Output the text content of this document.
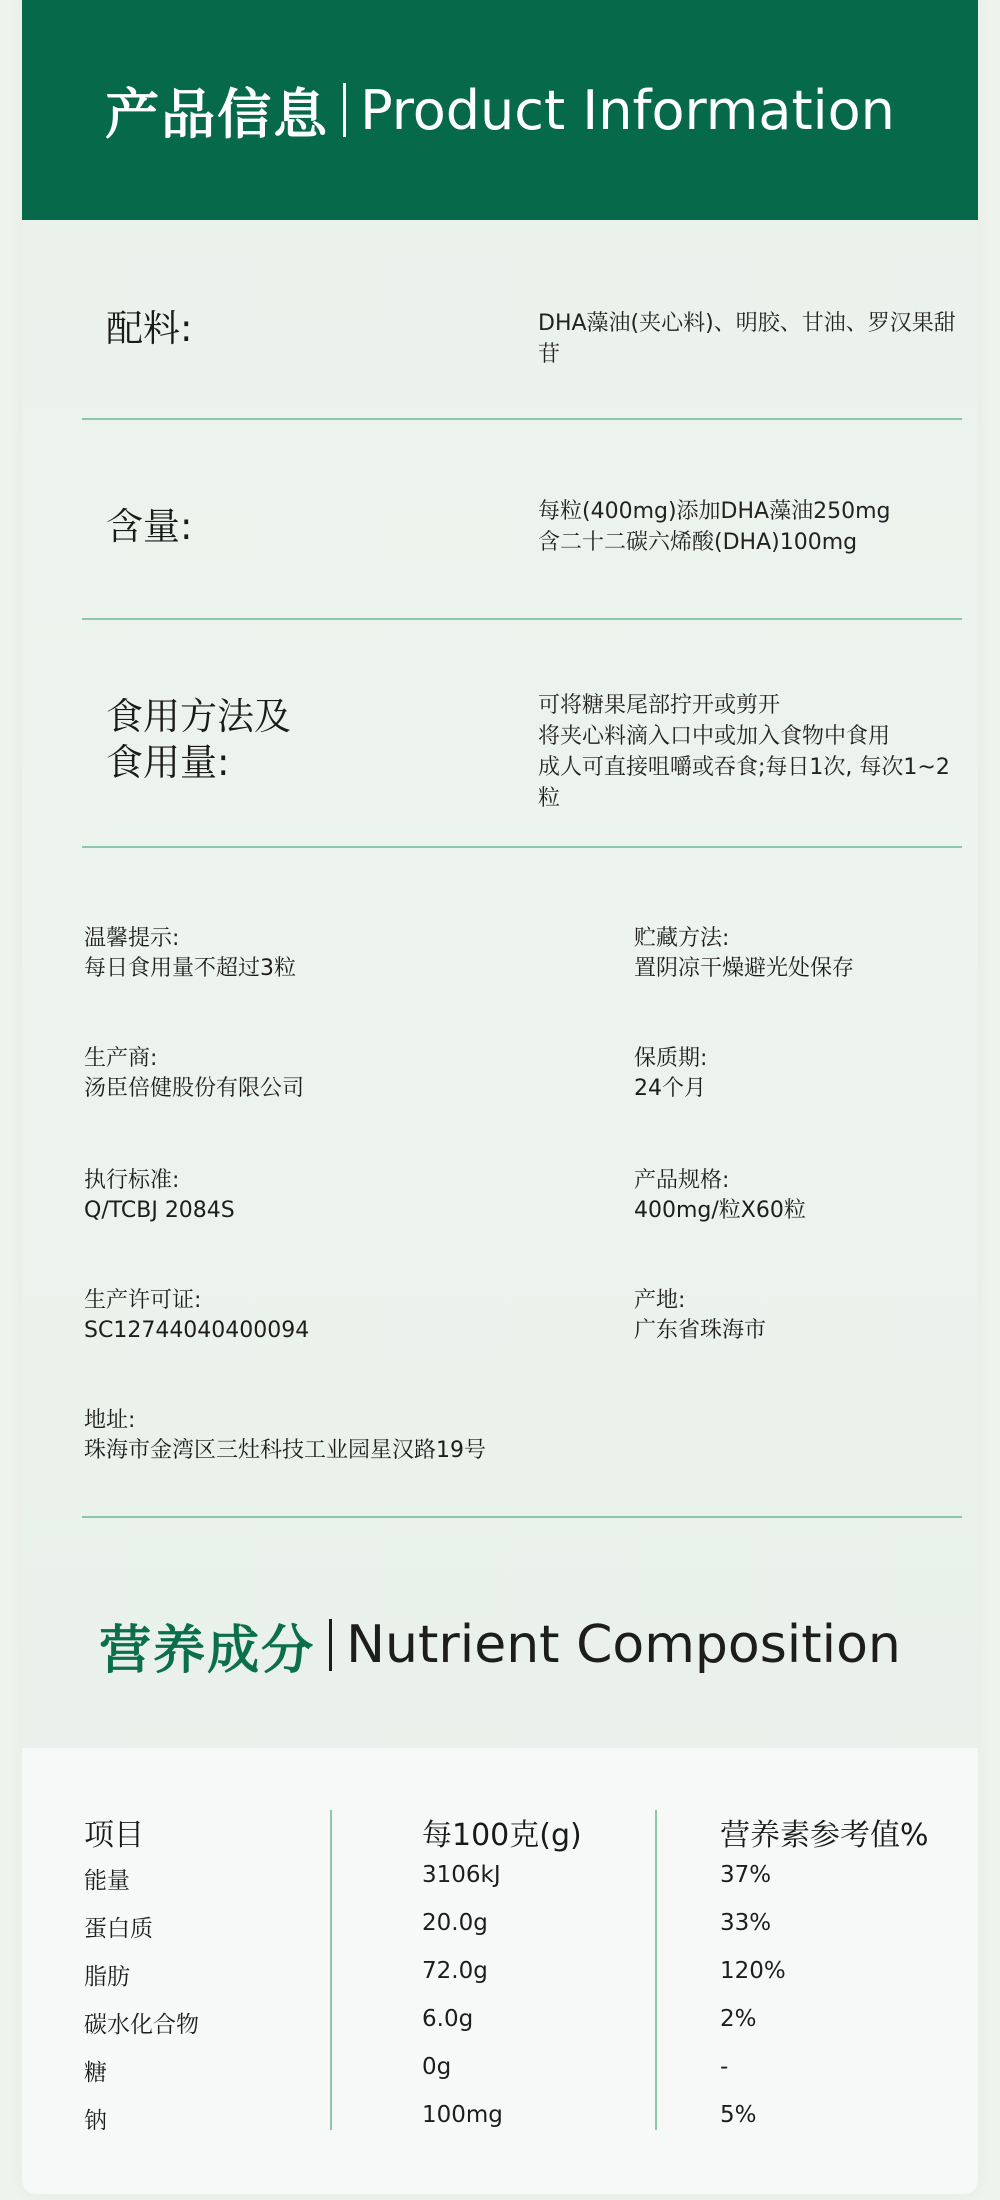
产品信息 Product Information
配料:	DHA藻油(夹心料)、明胶、甘油、罗汉果甜苷
含量:	每粒(400mg)添加DHA藻油250mg
含二十二碳六烯酸(DHA)100mg
食用方法及
食用量:
可将糖果尾部拧开或剪开
将夹心料滴入口中或加入食物中食用
成人可直接咀嚼或吞食;每日1次, 每次1~2粒
温馨提示:
每日食用量不超过3粒
贮藏方法:
置阴凉干燥避光处保存
生产商:
汤臣倍健股份有限公司
保质期:
24个月
执行标准:
Q/TCBJ 2084S
产品规格:
400mg/粒X60粒
生产许可证:
SC12744040400094
产地:
广东省珠海市
地址:
珠海市金湾区三灶科技工业园星汉路19号
营养成分 Nutrient Composition
项目	每100克(g)	营养素参考值%
能量	3106kJ	37%
蛋白质	20.0g	33%
脂肪	72.0g	120%
碳水化合物	6.0g	2%
糖	0g	-
钠	100mg	5%
